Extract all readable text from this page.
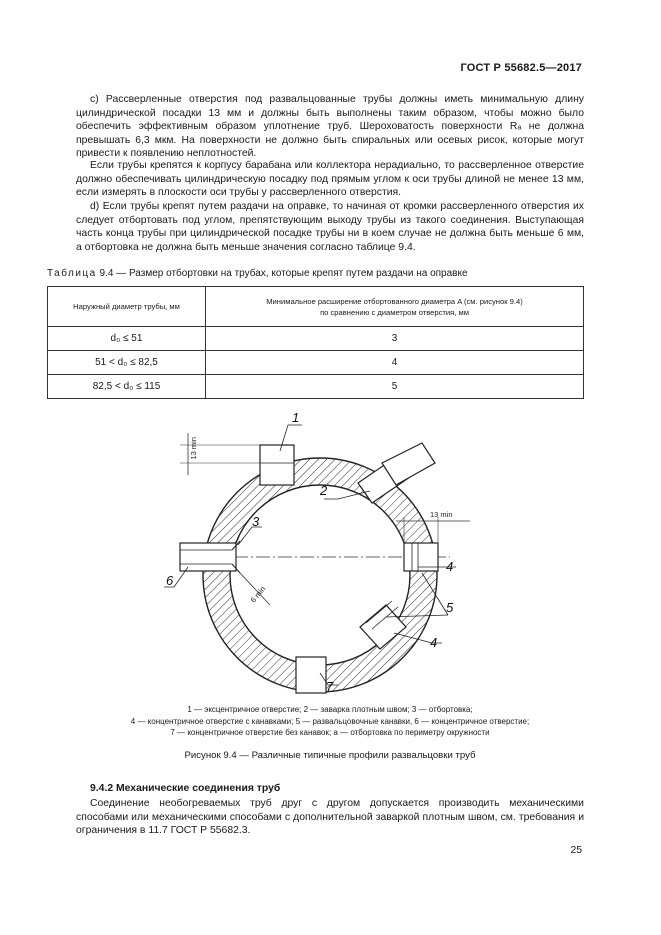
ГОСТ Р 55682.5—2017

c) Рассверленные отверстия под развальцованные трубы должны иметь минимальную длину цилиндрической посадки 13 мм и должны быть выполнены таким образом, чтобы можно было обеспечить эффективным образом уплотнение труб. Шероховатость поверхности Rₐ не должна превышать 6,3 мкм. На поверхности не должно быть спиральных или осевых рисок, которые могут привести к появлению неплотностей.

Если трубы крепятся к корпусу барабана или коллектора нерадиально, то рассверленное отверстие должно обеспечивать цилиндрическую посадку под прямым углом к оси трубы длиной не менее 13 мм, если измерять в плоскости оси трубы у рассверленного отверстия.

d) Если трубы крепят путем раздачи на оправке, то начиная от кромки рассверленного отверстия их следует отбортовать под углом, препятствующим выходу трубы из такого соединения. Выступающая часть конца трубы при цилиндрической посадке трубы ни в коем случае не должна быть меньше 6 мм, а отбортовка не должна быть меньше значения согласно таблице 9.4.

Таблица 9.4 — Размер отбортовки на трубах, которые крепят путем раздачи на оправке
Наружный диаметр трубы, мм	Минимальное расширение отбортованного диаметра A (см. рисунок 9.4)
по сравнению с диаметром отверстия, мм
d₀ ≤ 51	3
51 < d₀ ≤ 82,5	4
82,5 < d₀ ≤ 115	5
13 min
13 min
6 min
1
2
3
6
4
5
4
7
1 — эксцентричное отверстие; 2 — заварка плотным швом; 3 — отбортовка;
4 — концентричное отверстие с канавками; 5 — развальцовочные канавки, 6 — концентричное отверстие;
7 — концентричное отверстие без канавок; a — отбортовка по периметру окружности
Рисунок 9.4 — Различные типичные профили развальцовки труб
9.4.2 Механические соединения труб

Соединение необогреваемых труб друг с другом допускается производить механическими способами или механическими способами с дополнительной заваркой плотным швом, см. требования и ограничения в 11.7 ГОСТ Р 55682.3.

25
